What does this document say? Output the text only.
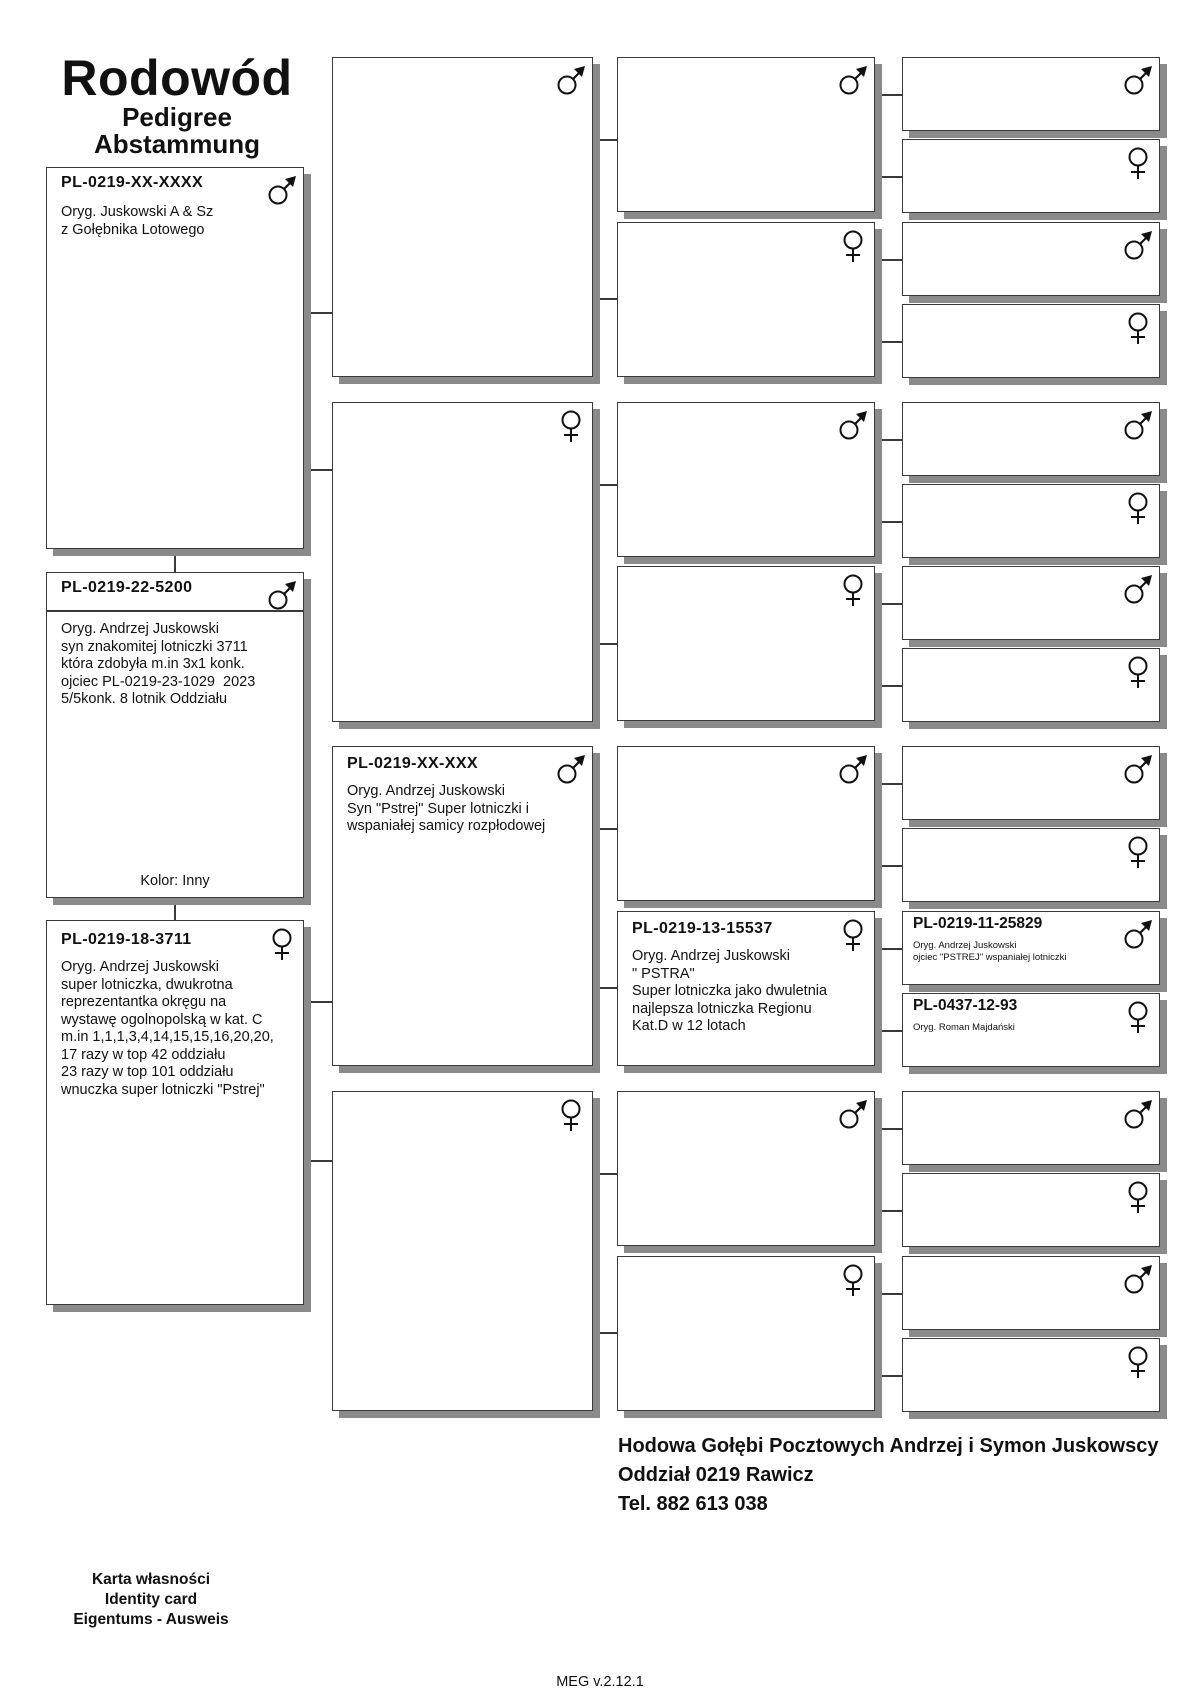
Rodowód
Pedigree
Abstammung
PL-0219-XX-XXXX
Oryg. Juskowski A & Sz
z Gołębnika Lotowego
PL-0219-22-5200
Oryg. Andrzej Juskowski
syn znakomitej lotniczki 3711
która zdobyła m.in 3x1 konk.
ojciec PL-0219-23-1029  2023
5/5konk. 8 lotnik Oddziału
Kolor: Inny
PL-0219-18-3711
Oryg. Andrzej Juskowski
super lotniczka, dwukrotna
reprezentantka okręgu na
wystawę ogolnopolską w kat. C
m.in 1,1,1,3,4,14,15,15,16,20,20,
17 razy w top 42 oddziału
23 razy w top 101 oddziału
wnuczka super lotniczki "Pstrej"
PL-0219-XX-XXX
Oryg. Andrzej Juskowski
Syn "Pstrej" Super lotniczki i
wspaniałej samicy rozpłodowej
PL-0219-13-15537
Oryg. Andrzej Juskowski
" PSTRA"
Super lotniczka jako dwuletnia
najlepsza lotniczka Regionu
Kat.D w 12 lotach
PL-0219-11-25829
Oryg. Andrzej Juskowski
ojciec "PSTREJ" wspaniałej lotniczki
PL-0437-12-93
Oryg. Roman Majdański
Hodowa Gołębi Pocztowych Andrzej i Symon Juskowscy
Oddział 0219 Rawicz
Tel. 882 613 038
Karta własności
Identity card
Eigentums - Ausweis
MEG v.2.12.1
